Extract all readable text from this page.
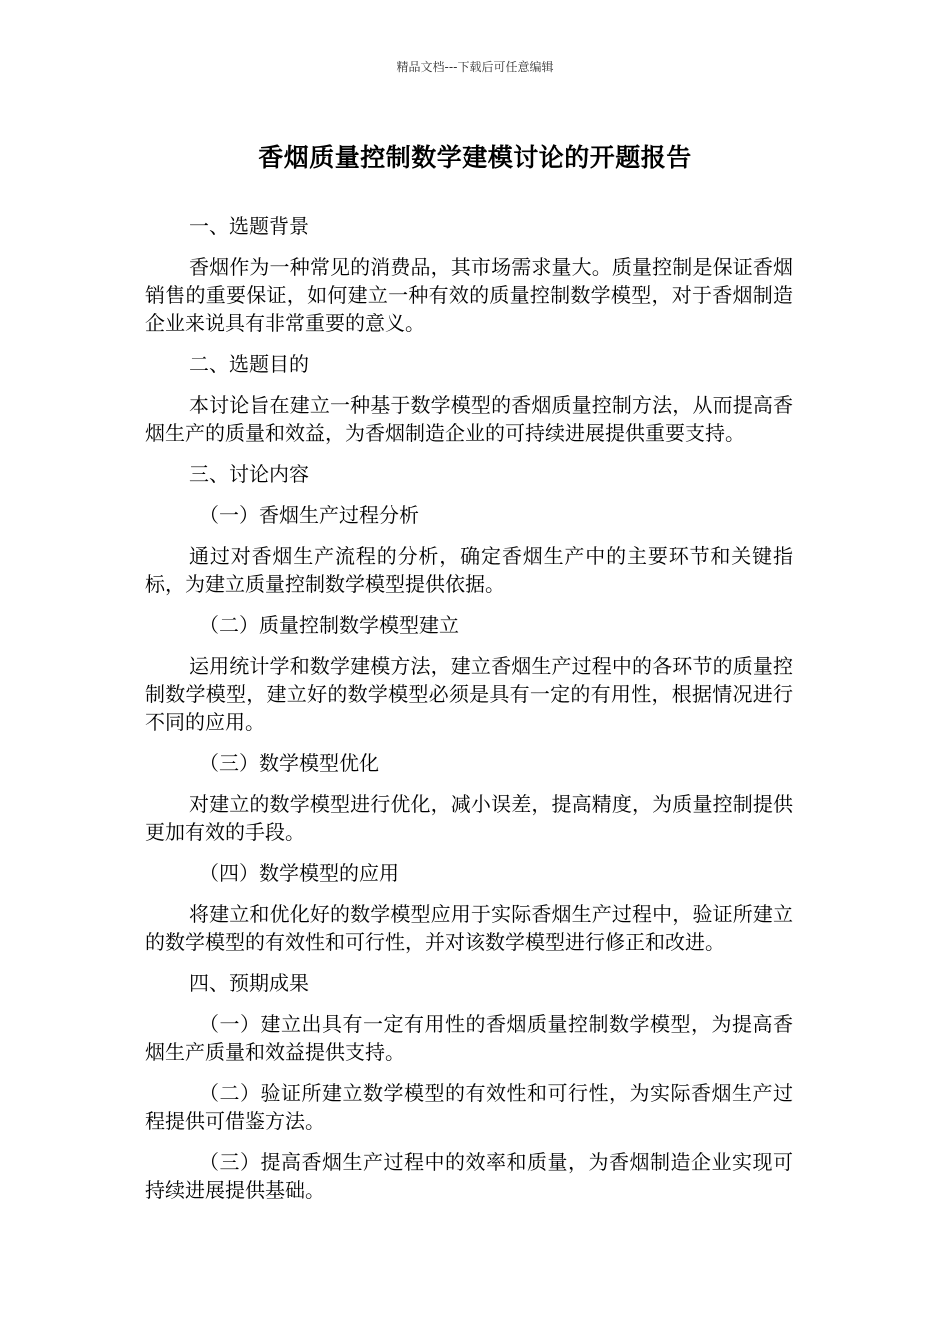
精品文档---下载后可任意编辑
香烟质量控制数学建模讨论的开题报告

一、选题背景

香烟作为一种常见的消费品，其市场需求量大。质量控制是保证香烟销售的重要保证，如何建立一种有效的质量控制数学模型，对于香烟制造企业来说具有非常重要的意义。

二、选题目的

本讨论旨在建立一种基于数学模型的香烟质量控制方法，从而提高香烟生产的质量和效益，为香烟制造企业的可持续进展提供重要支持。

三、讨论内容

（一）香烟生产过程分析

通过对香烟生产流程的分析，确定香烟生产中的主要环节和关键指标，为建立质量控制数学模型提供依据。

（二）质量控制数学模型建立

运用统计学和数学建模方法，建立香烟生产过程中的各环节的质量控制数学模型，建立好的数学模型必须是具有一定的有用性，根据情况进行不同的应用。

（三）数学模型优化

对建立的数学模型进行优化，减小误差，提高精度，为质量控制提供更加有效的手段。

（四）数学模型的应用

将建立和优化好的数学模型应用于实际香烟生产过程中，验证所建立的数学模型的有效性和可行性，并对该数学模型进行修正和改进。

四、预期成果

（一）建立出具有一定有用性的香烟质量控制数学模型，为提高香烟生产质量和效益提供支持。

（二）验证所建立数学模型的有效性和可行性，为实际香烟生产过程提供可借鉴方法。

（三）提高香烟生产过程中的效率和质量，为香烟制造企业实现可持续进展提供基础。
